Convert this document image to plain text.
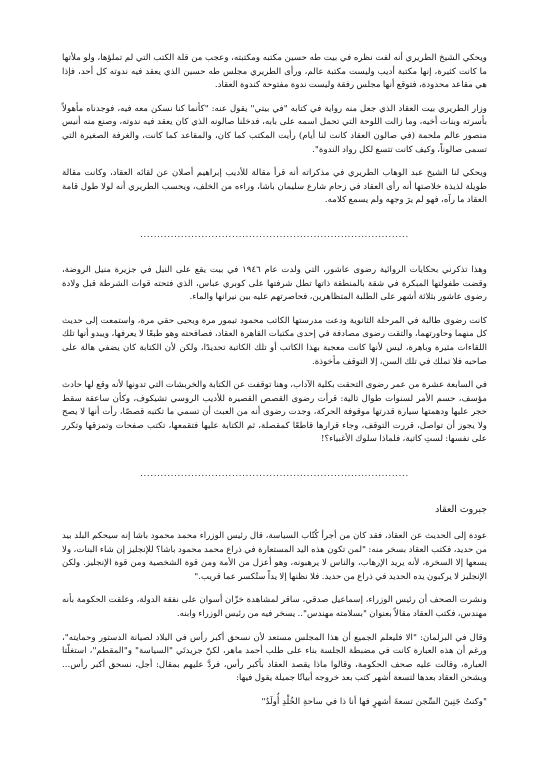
ويحكي الشيخ الطريري أنه لفت نظره في بيت طه حسين مكتبه ومكتبته، وعجب من قلة الكتب التي لم تملؤها، ولو ملأتها ما كانت كثيرة، إنها مكتبة أديب وليست مكتبة عالم، ورأى الطريري مجلس طه حسين الذي يعقد فيه ندوته كل أحد، فإذا هي مقاعد محدودة، فتوقع أنها مجلس رفقة وليست ندوة مفتوحة كندوة العقاد.

وزار الطريري بيت العقاد الذي جعل منه رواية في كتابه "في بيتي" يقول عنه: "كأنما كنا نسكن معه فيه، فوجدناه مأهولاً بأسرته وبنات أخيه، وما زالت اللوحة التي تحمل اسمه على بابه، فدخلنا صالونه الذي كان يعقد فيه ندوته، وصنع منه أنيس منصور عالم ملحمة (في صالون العقاد كانت لنا أيام) رأيت المكتب كما كان، والمقاعد كما كانت، والغرفة الصغيرة التي تسمى صالوناً، وكيف كانت تتسع لكل رواد الندوة".

ويحكي لنا الشيخ عبد الوهاب الطريري في مذكراته أنه قرأ مقالة للأديب إبراهيم أصلان عن لقائه العقاد، وكانت مقالة طويلة لذيذة خلاصتها أنه رأى العقاد في زحام شارع سليمان باشا، وراءه من الخلف، ويحسب الطريري أنه لولا طول قامة العقاد ما رآه، فهو لم يرَ وجهه ولم يسمع كلامه.

...............................................................................

وهذا تذكرني بحكايات الروائية رضوى عاشور، التي ولدت عام ١٩٤٦ في بيت يقع على النيل في جزيرة منيل الروضة، وقضت طفولتها المبكرة في شقة بالمنطقة ذاتها تطل شرفتها على كوبري عباس، الذي فتحته قوات الشرطة قبل ولادة رضوى عاشور بثلاثة أشهر على الطلبة المتظاهرين، فحاصرتهم عليه بين نيرانها والماء.

كانت رضوى طالبة في المرحلة الثانوية ودعت مدرستها الكاتب محمود تيمور مرة ويحيى حقي مرة، واستمعت إلى حديث كل منهما وحاورتهما، والتقت رضوى مصادفة في إحدى مكتبات القاهرة العقاد، فصافحته وهو طبعًا لا يعرفها، ويبدو أنها تلك اللقاءات مثيرة وباهرة، ليس لأنها كانت معجبة بهذا الكاتب أو تلك الكاتبة تحديدًا، ولكن لأن الكتابة كان يضفي هالة على صاحبه فلا تملك في تلك السن، إلا التوقف مأخوذة.

في السابعة عشرة من عمر رضوى التحقت بكلية الآداب، وهنا توقفت عن الكتابة والخربشات التي تدونها لأنه وقع لها حادث مؤسف، حسم الأمر لسنوات طوال تالية: قرأت رضوى القصص القصيرة للأديب الروسي تشيكوف، وكأن ساعقة سقط حجر عليها ودهمتها سيارة قدرتها موقوفة الحركة، وجدت رضوى أنه من العبث أن تسمي ما تكتبه قصصًا، رأت أنها لا يصح ولا يجوز أن تواصل، قررت التوقف، وجاء قرارها قاطعًا كمقصلة، ثم الكتابة عليها فتقمعها، تكتب صفحات وتمزقها وتكرر على نفسها: لستِ كاتبة، فلماذا سلوك الأغبياء؟!

...............................................................................
جبروت العقاد

عودة إلى الحديث عن العقاد، فقد كان من أجرأ كُتّاب السياسة، قال رئيس الوزراء محمد محمود باشا إنه سيحكم البلد بيد من حديد، فكتب العقاد بسخر منه: "لمن تكون هذه اليد المستعارة في ذراع محمد محمود باشا؟ للإنجليز إن شاء البنات، ولا يسعها إلا السخرة، لأنه يريد الإرهاب، والناس لا يرهبونه، وهو أعزل من الأمة ومن قوة الشخصية ومن قوة الإنجليز. ولكن الإنجليز لا يركبون يده الحديد في ذراع من حديد. فلا نظنها إلا يداً ستُكسر عما قريب."

ونشرت الصحف أن رئيس الوزراء، إسماعيل صدقي، ساقر لمشاهدة خزّان أسوان على نفقة الدولة، وعلقت الحكومة بأنه مهندس، فكتب العقاد مقالاً بعنوان "بسلامته مهندس".. يسخر فيه من رئيس الوزراء وابنه.

وقال في البرلمان: "الا فليعلم الجميع أن هذا المجلس مستعد لأن نسحق أكبر رأس في البلاد لصيانة الدستور وحمايته"، ورغم أن هذه العبارة كانت في مضبطة الجلسة بناء على طلب أحمد ماهر، لكنّ جريدتَي "السياسة" و"المقطم"، استغلّتا العبارة، وقالت عليه صحف الحكومة، وقالوا ماذا يقصد العقاد بأكبر رأس، فردَّ عليهم بمقال: أجل، نسحق أكبر رأس... ويشحن العقاد بعدها لتسعة أشهر كتب بعد خروجه أبياتًا جميلة يقول فيها:

"وكنتُ جَنِينَ السِّجن تسعةَ أشهرٍ فها أنا ذا في ساحةِ الخُلْدِ أُولَدُ"
